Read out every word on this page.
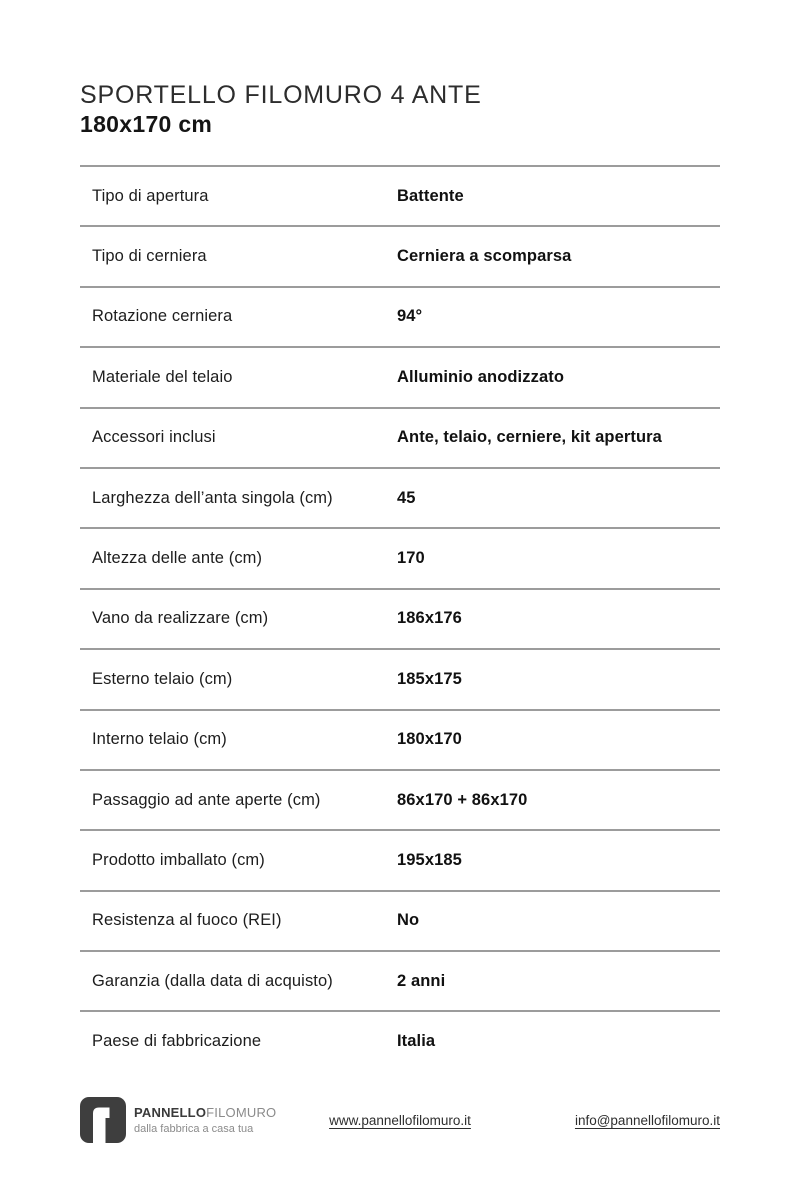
SPORTELLO FILOMURO 4 ANTE
180x170 cm
Tipo di apertura	Battente
Tipo di cerniera	Cerniera a scomparsa
Rotazione cerniera	94°
Materiale del telaio	Alluminio anodizzato
Accessori inclusi	Ante, telaio, cerniere, kit apertura
Larghezza dell’anta singola (cm)	45
Altezza delle ante (cm)	170
Vano da realizzare (cm)	186x176
Esterno telaio (cm)	185x175
Interno telaio (cm)	180x170
Passaggio ad ante aperte (cm)	86x170 + 86x170
Prodotto imballato (cm)	195x185
Resistenza al fuoco (REI)	No
Garanzia (dalla data di acquisto)	2 anni
Paese di fabbricazione	Italia
PANNELLOFILOMURO
dalla fabbrica a casa tua
www.pannellofilomuro.it	info@pannellofilomuro.it
